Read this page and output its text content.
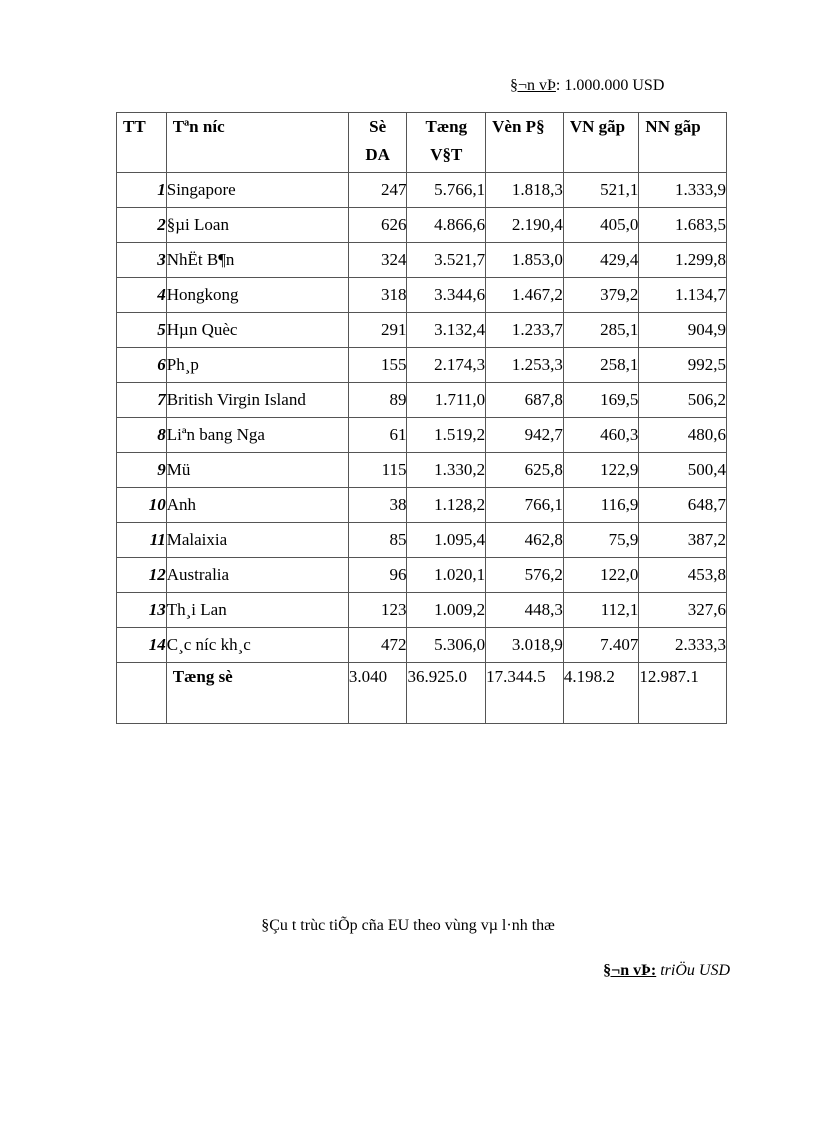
§¬n vÞ: 1.000.000 USD
TT	Tªn níc	Sè DA	Tæng V§T	Vèn P§	VN gãp	NN gãp
1	Singapore	247	5.766,1	1.818,3	521,1	1.333,9
2	§µi Loan	626	4.866,6	2.190,4	405,0	1.683,5
3	NhËt B¶n	324	3.521,7	1.853,0	429,4	1.299,8
4	Hongkong	318	3.344,6	1.467,2	379,2	1.134,7
5	Hµn Quèc	291	3.132,4	1.233,7	285,1	904,9
6	Ph¸p	155	2.174,3	1.253,3	258,1	992,5
7	British Virgin Island	89	1.711,0	687,8	169,5	506,2
8	Liªn bang Nga	61	1.519,2	942,7	460,3	480,6
9	Mü	115	1.330,2	625,8	122,9	500,4
10	Anh	38	1.128,2	766,1	116,9	648,7
11	Malaixia	85	1.095,4	462,8	75,9	387,2
12	Australia	96	1.020,1	576,2	122,0	453,8
13	Th¸i Lan	123	1.009,2	448,3	112,1	327,6
14	C¸c níc kh¸c	472	5.306,0	3.018,9	7.407	2.333,3
	Tæng sè	3.040	36.925.0	17.344.5	4.198.2	12.987.1
§Çu t trùc tiÕp cña EU theo vùng vµ l·nh thæ
§¬n vÞ: triÖu USD
